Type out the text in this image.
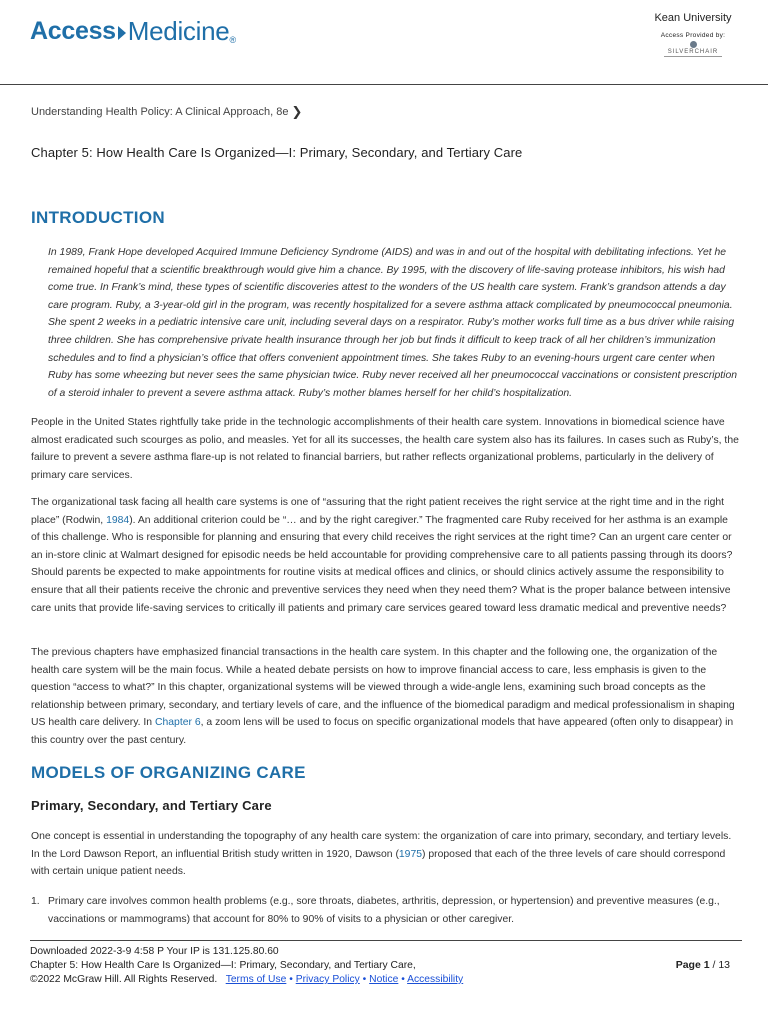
Access Medicine ®
Kean University
Access Provided by:
SILVERCHAIR
Understanding Health Policy: A Clinical Approach, 8e ❯
Chapter 5: How Health Care Is Organized—I: Primary, Secondary, and Tertiary Care
INTRODUCTION
In 1989, Frank Hope developed Acquired Immune Deficiency Syndrome (AIDS) and was in and out of the hospital with debilitating infections. Yet he remained hopeful that a scientific breakthrough would give him a chance. By 1995, with the discovery of life-saving protease inhibitors, his wish had come true. In Frank’s mind, these types of scientific discoveries attest to the wonders of the US health care system. Frank’s grandson attends a day care program. Ruby, a 3-year-old girl in the program, was recently hospitalized for a severe asthma attack complicated by pneumococcal pneumonia. She spent 2 weeks in a pediatric intensive care unit, including several days on a respirator. Ruby’s mother works full time as a bus driver while raising three children. She has comprehensive private health insurance through her job but finds it difficult to keep track of all her children’s immunization schedules and to find a physician’s office that offers convenient appointment times. She takes Ruby to an evening-hours urgent care center when Ruby has some wheezing but never sees the same physician twice. Ruby never received all her pneumococcal vaccinations or consistent prescription of a steroid inhaler to prevent a severe asthma attack. Ruby’s mother blames herself for her child’s hospitalization.
People in the United States rightfully take pride in the technologic accomplishments of their health care system. Innovations in biomedical science have almost eradicated such scourges as polio, and measles. Yet for all its successes, the health care system also has its failures. In cases such as Ruby’s, the failure to prevent a severe asthma flare-up is not related to financial barriers, but rather reflects organizational problems, particularly in the delivery of primary care services.
The organizational task facing all health care systems is one of “assuring that the right patient receives the right service at the right time and in the right place” (Rodwin, 1984). An additional criterion could be “… and by the right caregiver.” The fragmented care Ruby received for her asthma is an example of this challenge. Who is responsible for planning and ensuring that every child receives the right services at the right time? Can an urgent care center or an in-store clinic at Walmart designed for episodic needs be held accountable for providing comprehensive care to all patients passing through its doors? Should parents be expected to make appointments for routine visits at medical offices and clinics, or should clinics actively assume the responsibility to ensure that all their patients receive the chronic and preventive services they need when they need them? What is the proper balance between intensive care units that provide life-saving services to critically ill patients and primary care services geared toward less dramatic medical and preventive needs?
The previous chapters have emphasized financial transactions in the health care system. In this chapter and the following one, the organization of the health care system will be the main focus. While a heated debate persists on how to improve financial access to care, less emphasis is given to the question “access to what?” In this chapter, organizational systems will be viewed through a wide-angle lens, examining such broad concepts as the relationship between primary, secondary, and tertiary levels of care, and the influence of the biomedical paradigm and medical professionalism in shaping US health care delivery. In Chapter 6, a zoom lens will be used to focus on specific organizational models that have appeared (often only to disappear) in this country over the past century.
MODELS OF ORGANIZING CARE
Primary, Secondary, and Tertiary Care
One concept is essential in understanding the topography of any health care system: the organization of care into primary, secondary, and tertiary levels. In the Lord Dawson Report, an influential British study written in 1920, Dawson (1975) proposed that each of the three levels of care should correspond with certain unique patient needs.
1. Primary care involves common health problems (e.g., sore throats, diabetes, arthritis, depression, or hypertension) and preventive measures (e.g., vaccinations or mammograms) that account for 80% to 90% of visits to a physician or other caregiver.
Downloaded 2022-3-9 4:58 P Your IP is 131.125.80.60
Chapter 5: How Health Care Is Organized—I: Primary, Secondary, and Tertiary Care,
©2022 McGraw Hill. All Rights Reserved. Terms of Use • Privacy Policy • Notice • Accessibility
Page 1 / 13
